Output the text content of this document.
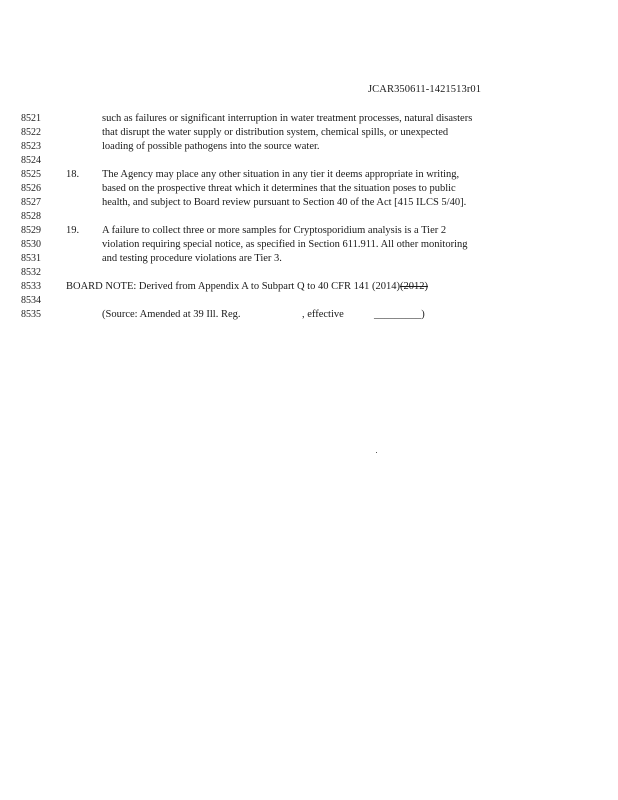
JCAR350611-1421513r01
8521
8522
8523
8524
8525
8526
8527
8528
8529
8530
8531
8532
8533
8534
8535
such as failures or significant interruption in water treatment processes, natural disasters
that disrupt the water supply or distribution system, chemical spills, or unexpected
loading of possible pathogens into the source water.
18. The Agency may place any other situation in any tier it deems appropriate in writing,
based on the prospective threat which it determines that the situation poses to public
health, and subject to Board review pursuant to Section 40 of the Act [415 ILCS 5/40].
19. A failure to collect three or more samples for Cryptosporidium analysis is a Tier 2
violation requiring special notice, as specified in Section 611.911. All other monitoring
and testing procedure violations are Tier 3.
BOARD NOTE: Derived from Appendix A to Subpart Q to 40 CFR 141 (2014)(2012)
(Source: Amended at 39 Ill. Reg.	, effective	_________)
